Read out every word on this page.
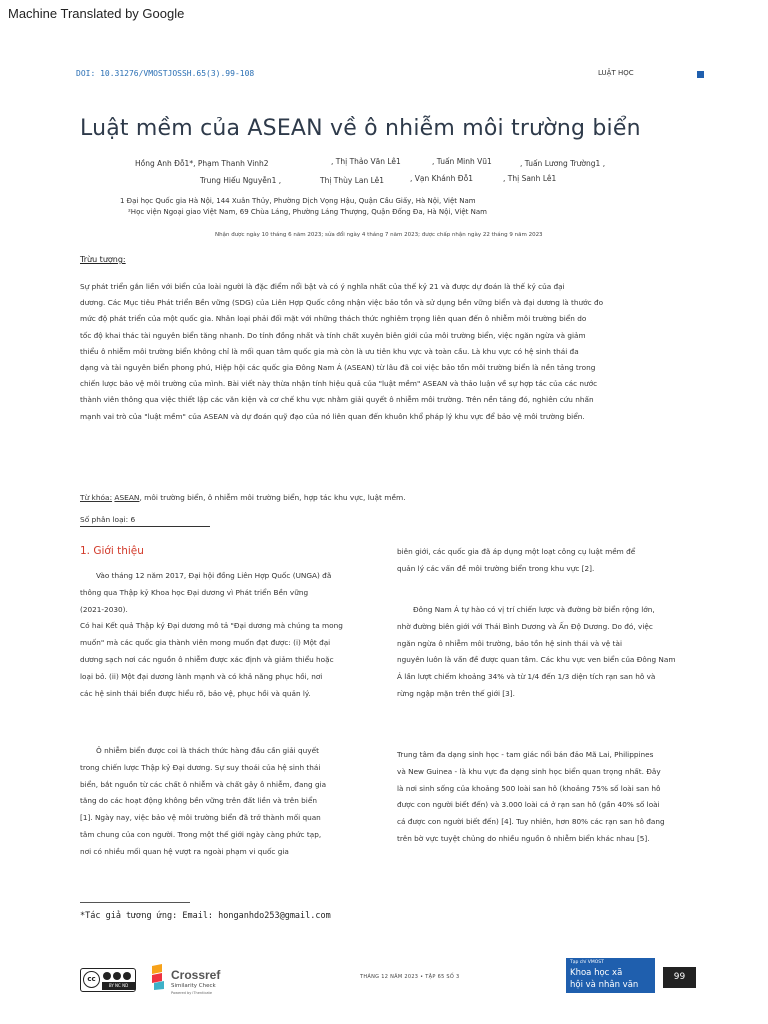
Machine Translated by Google
DOI: 10.31276/VMOSTJOSSH.65(3).99-108	LUẬT HỌC
Luật mềm của ASEAN về ô nhiễm môi trường biển
Hồng Anh Đỗ1*, Phạm Thanh Vinh2	, Thị Thảo Văn Lê1	, Tuấn Minh Vũ1	, Tuấn Lương Trường1 ,
Trung Hiếu Nguyễn1 ,	Thị Thùy Lan Lê1	, Vạn Khánh Đỗ1	, Thị Sanh Lê1
1 Đại học Quốc gia Hà Nội, 144 Xuân Thủy, Phường Dịch Vọng Hậu, Quận Cầu Giấy, Hà Nội, Việt Nam
²Học viện Ngoại giao Việt Nam, 69 Chùa Láng, Phường Láng Thượng, Quận Đống Đa, Hà Nội, Việt Nam
Nhận được ngày 10 tháng 6 năm 2023; sửa đổi ngày 4 tháng 7 năm 2023; được chấp nhận ngày 22 tháng 9 năm 2023
Trừu tượng:
Sự phát triển gắn liền với biển của loài người là đặc điểm nổi bật và có ý nghĩa nhất của thế kỷ 21 và được dự đoán là thế kỷ của đại
dương. Các Mục tiêu Phát triển Bền vững (SDG) của Liên Hợp Quốc công nhận việc bảo tồn và sử dụng bền vững biển và đại dương là thước đo
mức độ phát triển của một quốc gia. Nhân loại phải đối mặt với những thách thức nghiêm trọng liên quan đến ô nhiễm môi trường biển do
tốc độ khai thác tài nguyên biển tăng nhanh. Do tính đồng nhất và tính chất xuyên biên giới của môi trường biển, việc ngăn ngừa và giảm
thiểu ô nhiễm môi trường biển không chỉ là mối quan tâm quốc gia mà còn là ưu tiên khu vực và toàn cầu. Là khu vực có hệ sinh thái đa
dạng và tài nguyên biển phong phú, Hiệp hội các quốc gia Đông Nam Á (ASEAN) từ lâu đã coi việc bảo tồn môi trường biển là nền tảng trong
chiến lược bảo vệ môi trường của mình. Bài viết này thừa nhận tính hiệu quả của "luật mềm" ASEAN và thảo luận về sự hợp tác của các nước
thành viên thông qua việc thiết lập các văn kiện và cơ chế khu vực nhằm giải quyết ô nhiễm môi trường. Trên nền tảng đó, nghiên cứu nhấn
mạnh vai trò của "luật mềm" của ASEAN và dự đoán quỹ đạo của nó liên quan đến khuôn khổ pháp lý khu vực để bảo vệ môi trường biển.
Từ khóa: ASEAN, môi trường biển, ô nhiễm môi trường biển, hợp tác khu vực, luật mềm.
Số phân loại: 6
1. Giới thiệu
Vào tháng 12 năm 2017, Đại hội đồng Liên Hợp Quốc (UNGA) đã
thông qua Thập kỷ Khoa học Đại dương vì Phát triển Bền vững
(2021-2030).
Có hai Kết quả Thập kỷ Đại dương mô tả "Đại dương mà chúng ta mong
muốn" mà các quốc gia thành viên mong muốn đạt được: (i) Một đại
dương sạch nơi các nguồn ô nhiễm được xác định và giảm thiểu hoặc
loại bỏ. (ii) Một đại dương lành mạnh và có khả năng phục hồi, nơi
các hệ sinh thái biển được hiểu rõ, bảo vệ, phục hồi và quản lý.
Ô nhiễm biển được coi là thách thức hàng đầu cần giải quyết
trong chiến lược Thập kỷ Đại dương. Sự suy thoái của hệ sinh thái
biển, bắt nguồn từ các chất ô nhiễm và chất gây ô nhiễm, đang gia
tăng do các hoạt động không bền vững trên đất liền và trên biển
[1]. Ngày nay, việc bảo vệ môi trường biển đã trở thành mối quan
tâm chung của con người. Trong một thế giới ngày càng phức tạp,
nơi có nhiều mối quan hệ vượt ra ngoài phạm vi quốc gia
biên giới, các quốc gia đã áp dụng một loạt công cụ luật mềm để
quản lý các vấn đề môi trường biển trong khu vực [2].
Đông Nam Á tự hào có vị trí chiến lược và đường bờ biển rộng lớn,
nhờ đường biên giới với Thái Bình Dương và Ấn Độ Dương. Do đó, việc
ngăn ngừa ô nhiễm môi trường, bảo tồn hệ sinh thái và vệ tài
nguyên luôn là vấn đề được quan tâm. Các khu vực ven biển của Đông Nam
Á lần lượt chiếm khoảng 34% và từ 1/4 đến 1/3 diện tích rạn san hô và
rừng ngập mặn trên thế giới [3].
Trung tâm đa dạng sinh học - tam giác nối bán đảo Mã Lai, Philippines
và New Guinea - là khu vực đa dạng sinh học biển quan trọng nhất. Đây
là nơi sinh sống của khoảng 500 loài san hô (khoảng 75% số loài san hô
được con người biết đến) và 3.000 loài cá ở rạn san hô (gần 40% số loài
cá được con người biết đến) [4]. Tuy nhiên, hơn 80% các rạn san hô đang
trên bờ vực tuyệt chủng do nhiều nguồn ô nhiễm biển khác nhau [5].
*Tác giả tương ứng: Email: honganhdo253@gmail.com
cc
BY NC ND
Crossref
Similarity Check
Powered by iThenticate
THÁNG 12 NĂM 2023 • TẬP 65 SỐ 3
Tạp chí VMOST
Khoa học xã
hội và nhân văn
99
